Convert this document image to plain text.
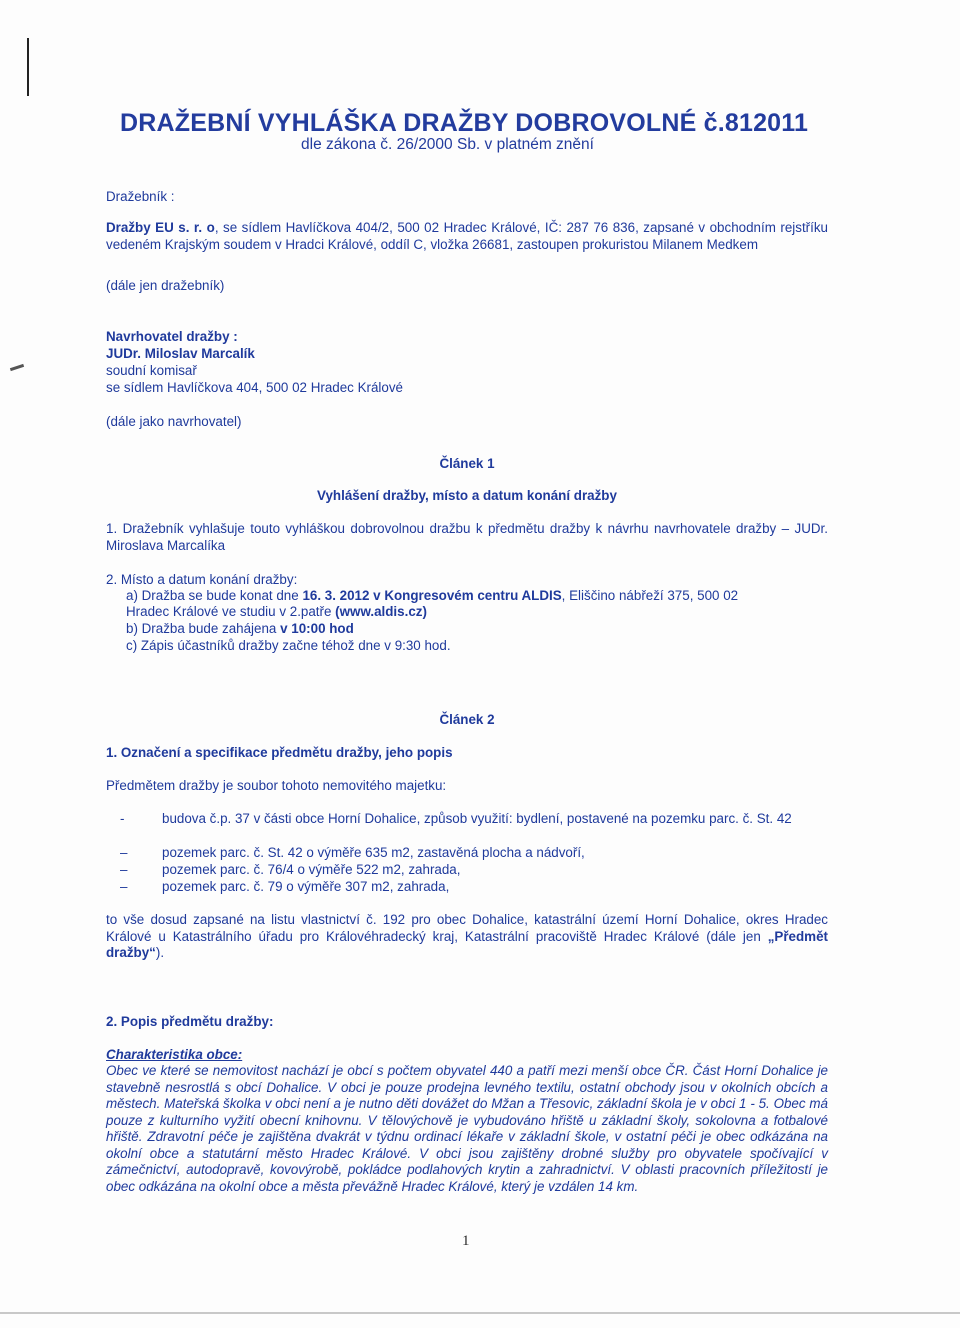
DRAŽEBNÍ VYHLÁŠKA DRAŽBY DOBROVOLNÉ č.812011
dle zákona č. 26/2000 Sb. v platném znění
Dražebník :
Dražby EU s. r. o, se sídlem Havlíčkova 404/2, 500 02 Hradec Králové, IČ: 287 76 836, zapsané v obchodním rejstříku vedeném Krajským soudem v Hradci Králové, oddíl C, vložka 26681, zastoupen prokuristou Milanem Medkem
(dále jen dražebník)
Navrhovatel dražby :
JUDr. Miloslav Marcalík
soudní komisař
se sídlem Havlíčkova 404, 500 02 Hradec Králové
(dále jako navrhovatel)
Článek 1
Vyhlášení dražby, místo a datum konání dražby
1. Dražebník vyhlašuje touto vyhláškou dobrovolnou dražbu k předmětu dražby k návrhu navrhovatele dražby – JUDr. Miroslava Marcalíka
2. Místo a datum konání dražby:
a) Dražba se bude konat dne 16. 3. 2012 v Kongresovém centru ALDIS, Eliščino nábřeží 375, 500 02
Hradec Králové ve studiu v 2.patře (www.aldis.cz)
b) Dražba bude zahájena v 10:00 hod
c) Zápis účastníků dražby začne téhož dne v 9:30 hod.
Článek 2
1. Označení a specifikace předmětu dražby, jeho popis
Předmětem dražby je soubor tohoto nemovitého majetku:
-	budova č.p. 37 v části obce Horní Dohalice, způsob využití: bydlení, postavené na pozemku parc. č. St. 42
–	pozemek parc. č. St. 42 o výměře 635 m2, zastavěná plocha a nádvoří,
–	pozemek parc. č. 76/4 o výměře 522 m2, zahrada,
–	pozemek parc. č. 79 o výměře 307 m2, zahrada,
to vše dosud zapsané na listu vlastnictví č. 192 pro obec Dohalice, katastrální území Horní Dohalice, okres Hradec Králové u Katastrálního úřadu pro Královéhradecký kraj, Katastrální pracoviště Hradec Králové (dále jen „Předmět dražby“).
2. Popis předmětu dražby:
Charakteristika obce:
Obec ve které se nemovitost nachází je obcí s počtem obyvatel 440 a patří mezi menší obce ČR. Část Horní Dohalice je stavebně nesrostlá s obcí Dohalice. V obci je pouze prodejna levného textilu, ostatní obchody jsou v okolních obcích a městech. Mateřská školka v obci není a je nutno děti dovážet do Mžan a Třesovic, základní škola je v obci 1 - 5. Obec má pouze z kulturního vyžití obecní knihovnu. V tělovýchově je vybudováno hřiště u základní školy, sokolovna a fotbalové hřiště. Zdravotní péče je zajištěna dvakrát v týdnu ordinací lékaře v základní škole, v ostatní péči je obec odkázána na okolní obce a statutární město Hradec Králové. V obci jsou zajištěny drobné služby pro obyvatele spočívající v zámečnictví, autodopravě, kovovýrobě, pokládce podlahových krytin a zahradnictví. V oblasti pracovních příležitostí je obec odkázána na okolní obce a města převážně Hradec Králové, který je vzdálen 14 km.
1
